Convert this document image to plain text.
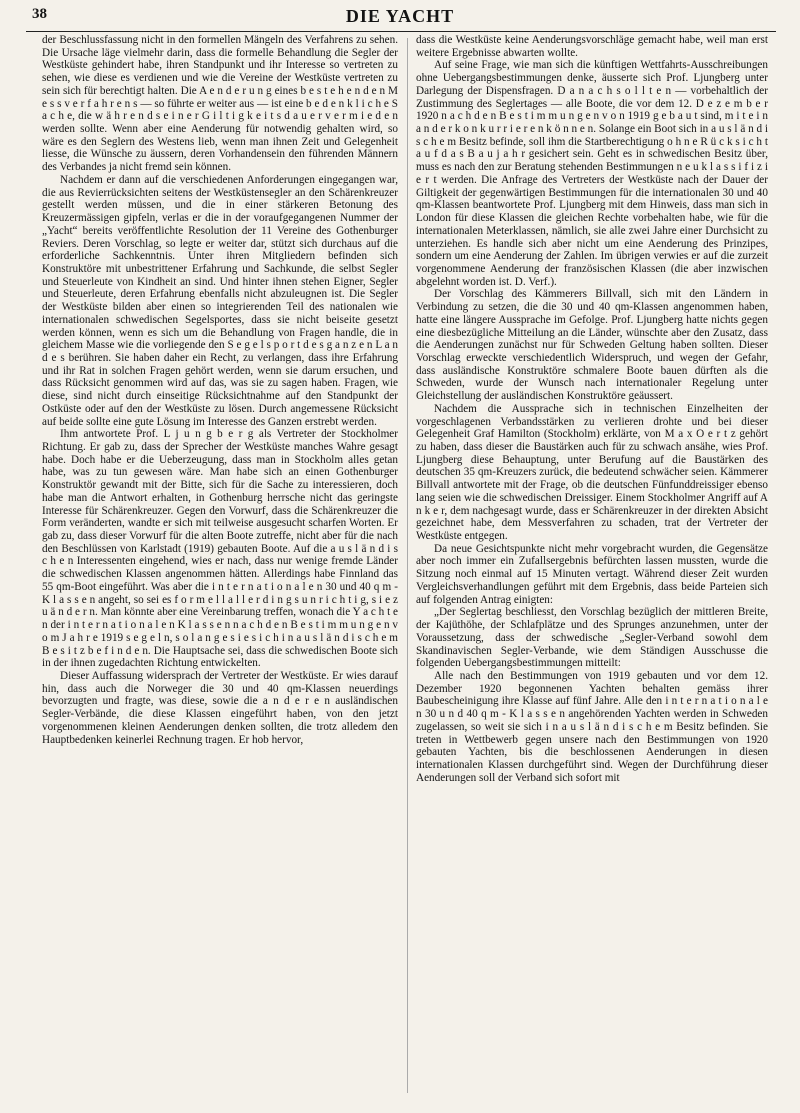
38	DIE YACHT

der Beschlussfassung nicht in den formellen Mängeln des Verfahrens zu sehen. Die Ursache läge vielmehr darin, dass die formelle Behandlung die Segler der Westküste gehindert habe, ihren Standpunkt und ihr Interesse so vertreten zu sehen, wie diese es verdienen und wie die Vereine der Westküste vertreten zu sein sich für berechtigt halten. Die A e n d e r u n g eines b e s t e h e n d e n M e s s v e r f a h r e n s — so führte er weiter aus — ist eine b e d e n k l i c h e S a c h e, die w ä h r e n d s e i n e r G i l t i g k e i t s d a u e r v e r m i e d e n werden sollte. Wenn aber eine Aenderung für notwendig gehalten wird, so wäre es den Seglern des Westens lieb, wenn man ihnen Zeit und Gelegenheit liesse, die Wünsche zu äussern, deren Vorhandensein den führenden Männern des Verbandes ja nicht fremd sein können.

Nachdem er dann auf die verschiedenen Anforderungen eingegangen war, die aus Revierrücksichten seitens der Westküstensegler an den Schärenkreuzer gestellt werden müssen, und die in einer stärkeren Betonung des Kreuzermässigen gipfeln, verlas er die in der voraufgegangenen Nummer der „Yacht“ bereits veröffentlichte Resolution der 11 Vereine des Gothenburger Reviers. Deren Vorschlag, so legte er weiter dar, stützt sich durchaus auf die erforderliche Sachkenntnis. Unter ihren Mitgliedern befinden sich Konstruktöre mit unbestrittener Erfahrung und Sachkunde, die selbst Segler und Steuerleute von Kindheit an sind. Und hinter ihnen stehen Eigner, Segler und Steuerleute, deren Erfahrung ebenfalls nicht abzuleugnen ist. Die Segler der Westküste bilden aber einen so integrierenden Teil des nationalen wie internationalen schwedischen Segelsportes, dass sie nicht beiseite gesetzt werden können, wenn es sich um die Behandlung von Fragen handle, die in gleichem Masse wie die vorliegende den S e g e l s p o r t d e s g a n z e n L a n d e s berühren. Sie haben daher ein Recht, zu verlangen, dass ihre Erfahrung und ihr Rat in solchen Fragen gehört werden, wenn sie darum ersuchen, und dass Rücksicht genommen wird auf das, was sie zu sagen haben. Fragen, wie diese, sind nicht durch einseitige Rücksichtnahme auf den Standpunkt der Ostküste oder auf den der Westküste zu lösen. Durch angemessene Rücksicht auf beide sollte eine gute Lösung im Interesse des Ganzen erstrebt werden.

Ihm antwortete Prof. L j u n g b e r g als Vertreter der Stockholmer Richtung. Er gab zu, dass der Sprecher der Westküste manches Wahre gesagt habe. Doch habe er die Ueberzeugung, dass man in Stockholm alles getan habe, was zu tun gewesen wäre. Man habe sich an einen Gothenburger Konstruktör gewandt mit der Bitte, sich für die Sache zu interessieren, doch habe man die Antwort erhalten, in Gothenburg herrsche nicht das geringste Interesse für Schärenkreuzer. Gegen den Vorwurf, dass die Schärenkreuzer die Form veränderten, wandte er sich mit teilweise ausgesucht scharfen Worten. Er gab zu, dass dieser Vorwurf für die alten Boote zutreffe, nicht aber für die nach den Beschlüssen von Karlstadt (1919) gebauten Boote. Auf die a u s l ä n d i s c h e n Interessenten eingehend, wies er nach, dass nur wenige fremde Länder die schwedischen Klassen angenommen hätten. Allerdings habe Finnland das 55 qm-Boot eingeführt. Was aber die i n t e r n a t i o n a l e n 30 und 40 q m - K l a s s e n angeht, so sei es f o r m e l l a l l e r d i n g s u n r i c h t i g, s i e z u ä n d e r n. Man könnte aber eine Vereinbarung treffen, wonach die Y a c h t e n der i n t e r n a t i o n a l e n K l a s s e n n a c h d e n B e s t i m m u n g e n v o m J a h r e 1919 s e g e l n, s o l a n g e s i e s i c h i n a u s l ä n d i s c h e m B e s i t z b e f i n d e n. Die Hauptsache sei, dass die schwedischen Boote sich in der ihnen zugedachten Richtung entwickelten.

Dieser Auffassung widersprach der Vertreter der Westküste. Er wies darauf hin, dass auch die Norweger die 30 und 40 qm-Klassen neuerdings bevorzugten und fragte, was diese, sowie die a n d e r e n ausländischen Segler-Verbände, die diese Klassen eingeführt haben, von den jetzt vorgenommenen kleinen Aenderungen denken sollten, die trotz alledem den Hauptbedenken keinerlei Rechnung tragen. Er hob hervor,

dass die Westküste keine Aenderungsvorschläge gemacht habe, weil man erst weitere Ergebnisse abwarten wollte.

Auf seine Frage, wie man sich die künftigen Wettfahrts-Ausschreibungen ohne Uebergangsbestimmungen denke, äusserte sich Prof. Ljungberg unter Darlegung der Dispensfragen. D a n a c h s o l l t e n — vorbehaltlich der Zustimmung des Seglertages — alle Boote, die vor dem 12. D e z e m b e r 1920 n a c h d e n B e s t i m m u n g e n v o n 1919 g e b a u t sind, m i t e i n a n d e r k o n k u r r i e r e n k ö n n e n. Solange ein Boot sich in a u s l ä n d i s c h e m Besitz befinde, soll ihm die Startberechtigung o h n e R ü c k s i c h t a u f d a s B a u j a h r gesichert sein. Geht es in schwedischen Besitz über, muss es nach den zur Beratung stehenden Bestimmungen n e u k l a s s i f i z i e r t werden. Die Anfrage des Vertreters der Westküste nach der Dauer der Giltigkeit der gegenwärtigen Bestimmungen für die internationalen 30 und 40 qm-Klassen beantwortete Prof. Ljungberg mit dem Hinweis, dass man sich in London für diese Klassen die gleichen Rechte vorbehalten habe, wie für die internationalen Meterklassen, nämlich, sie alle zwei Jahre einer Durchsicht zu unterziehen. Es handle sich aber nicht um eine Aenderung des Prinzipes, sondern um eine Aenderung der Zahlen. Im übrigen verwies er auf die zurzeit vorgenommene Aenderung der französischen Klassen (die aber inzwischen abgelehnt worden ist. D. Verf.).

Der Vorschlag des Kämmerers Billvall, sich mit den Ländern in Verbindung zu setzen, die die 30 und 40 qm-Klassen angenommen haben, hatte eine längere Aussprache im Gefolge. Prof. Ljungberg hatte nichts gegen eine diesbezügliche Mitteilung an die Länder, wünschte aber den Zusatz, dass die Aenderungen zunächst nur für Schweden Geltung haben sollten. Dieser Vorschlag erweckte verschiedentlich Widerspruch, und wegen der Gefahr, dass ausländische Konstruktöre schmalere Boote bauen dürften als die Schweden, wurde der Wunsch nach internationaler Regelung unter Gleichstellung der ausländischen Konstruktöre geäussert.

Nachdem die Aussprache sich in technischen Einzelheiten der vorgeschlagenen Verbandsstärken zu verlieren drohte und bei dieser Gelegenheit Graf Hamilton (Stockholm) erklärte, von M a x O e r t z gehört zu haben, dass dieser die Baustärken auch für zu schwach ansähe, wies Prof. Ljungberg diese Behauptung, unter Berufung auf die Baustärken des deutschen 35 qm-Kreuzers zurück, die bedeutend schwächer seien. Kämmerer Billvall antwortete mit der Frage, ob die deutschen Fünfunddreissiger ebenso lang seien wie die schwedischen Dreissiger. Einem Stockholmer Angriff auf A n k e r, dem nachgesagt wurde, dass er Schärenkreuzer in der direkten Absicht gezeichnet habe, dem Messverfahren zu schaden, trat der Vertreter der Westküste entgegen.

Da neue Gesichtspunkte nicht mehr vorgebracht wurden, die Gegensätze aber noch immer ein Zufallsergebnis befürchten lassen mussten, wurde die Sitzung noch einmal auf 15 Minuten vertagt. Während dieser Zeit wurden Vergleichsverhandlungen geführt mit dem Ergebnis, dass beide Parteien sich auf folgenden Antrag einigten:

„Der Seglertag beschliesst, den Vorschlag bezüglich der mittleren Breite, der Kajüthöhe, der Schlafplätze und des Sprunges anzunehmen, unter der Voraussetzung, dass der schwedische „Segler-Verband sowohl dem Skandinavischen Segler-Verbande, wie dem Ständigen Ausschusse die folgenden Uebergangsbestimmungen mitteilt:

Alle nach den Bestimmungen von 1919 gebauten und vor dem 12. Dezember 1920 begonnenen Yachten behalten gemäss ihrer Baubescheinigung ihre Klasse auf fünf Jahre. Alle den i n t e r n a t i o n a l e n 30 u n d 40 q m - K l a s s e n angehörenden Yachten werden in Schweden zugelassen, so weit sie sich i n a u s l ä n d i s c h e m Besitz befinden. Sie treten in Wettbewerb gegen unsere nach den Bestimmungen von 1920 gebauten Yachten, bis die beschlossenen Aenderungen in diesen internationalen Klassen durchgeführt sind. Wegen der Durchführung dieser Aenderungen soll der Verband sich sofort mit
